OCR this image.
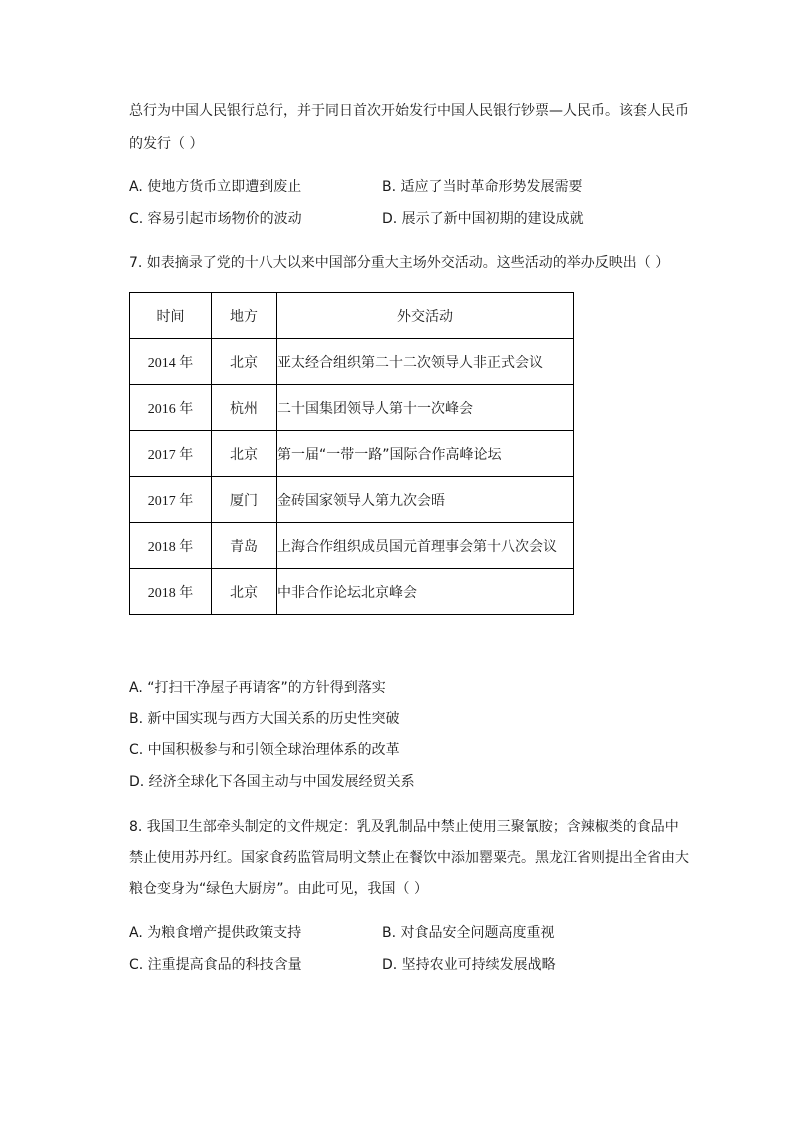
总行为中国人民银行总行，并于同日首次开始发行中国人民银行钞票—人民币。该套人民币
的发行（ ）
A. 使地方货币立即遭到废止	B. 适应了当时革命形势发展需要
C. 容易引起市场物价的波动	D. 展示了新中国初期的建设成就
7. 如表摘录了党的十八大以来中国部分重大主场外交活动。这些活动的举办反映出（ ）
时间	地方	外交活动
2014 年	北京	亚太经合组织第二十二次领导人非正式会议
2016 年	杭州	二十国集团领导人第十一次峰会
2017 年	北京	第一届“一带一路”国际合作高峰论坛
2017 年	厦门	金砖国家领导人第九次会晤
2018 年	青岛	上海合作组织成员国元首理事会第十八次会议
2018 年	北京	中非合作论坛北京峰会
A. “打扫干净屋子再请客”的方针得到落实
B. 新中国实现与西方大国关系的历史性突破
C. 中国积极参与和引领全球治理体系的改革
D. 经济全球化下各国主动与中国发展经贸关系
8. 我国卫生部牵头制定的文件规定：乳及乳制品中禁止使用三聚氰胺；含辣椒类的食品中
禁止使用苏丹红。国家食药监管局明文禁止在餐饮中添加罂粟壳。黑龙江省则提出全省由大
粮仓变身为“绿色大厨房”。由此可见，我国（ ）
A. 为粮食增产提供政策支持	B. 对食品安全问题高度重视
C. 注重提高食品的科技含量	D. 坚持农业可持续发展战略
